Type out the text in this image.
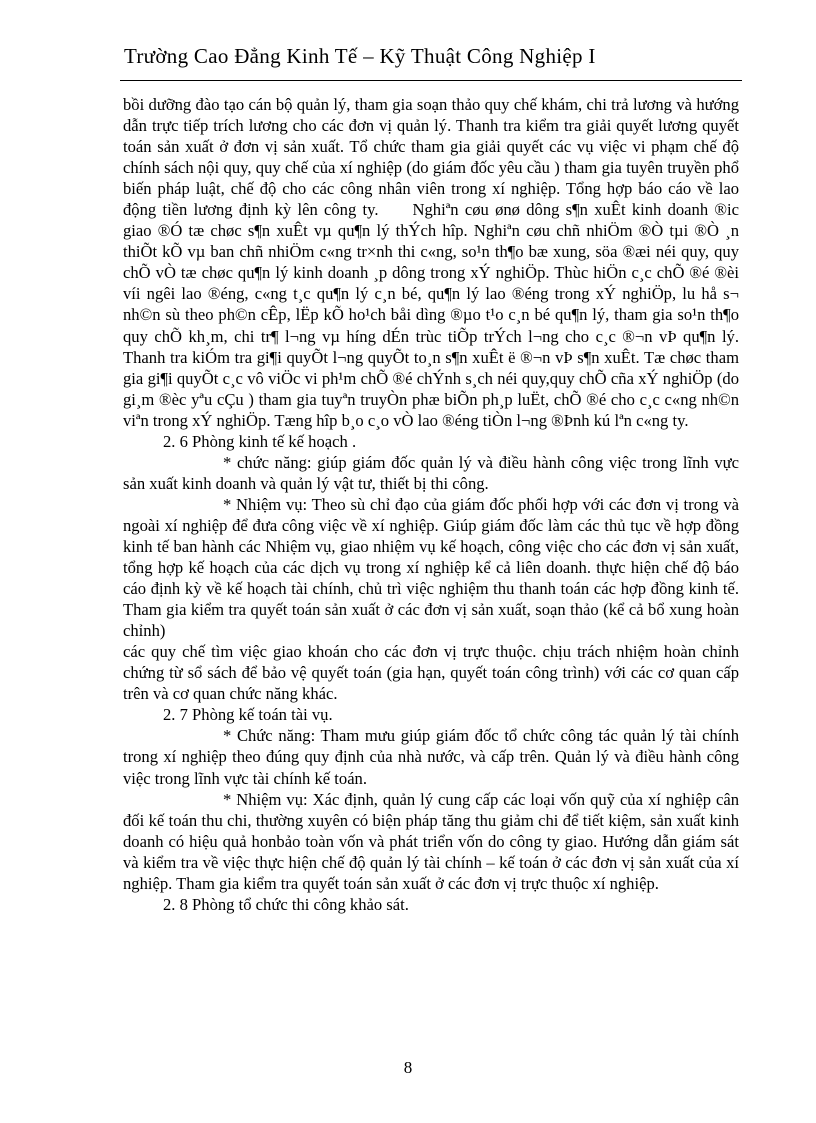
Trường Cao Đẳng Kinh Tế – Kỹ Thuật Công Nghiệp I

bồi dưỡng đào tạo cán bộ quản lý, tham gia soạn thảo quy chế khám, chi trả lương và hướng dẫn trực tiếp trích lương cho các đơn vị quản lý. Thanh tra kiểm tra giải quyết lương quyết toán sản xuất ở đơn vị sản xuất. Tổ chức tham gia giải quyết các vụ việc vi phạm chế độ chính sách nội quy, quy chế của xí nghiệp (do giám đốc yêu cầu ) tham gia tuyên truyền phổ biến pháp luật, chế độ cho các công nhân viên trong xí nghiệp. Tổng hợp báo cáo về lao động tiền lương định kỳ lên công ty. Nghiªn cøu ønø dông s¶n xuÊt kinh doanh ®ic giao ®Ó tæ chøc s¶n xuÊt vµ qu¶n lý thÝch hîp. Nghiªn cøu chñ nhiÖm ®Ò tµi ®Ò ¸n thiÕt kÕ vµ ban chñ nhiÖm c«ng tr×nh thi c«ng, so¹n th¶o bæ xung, söa ®æi néi quy, quy chÕ vÒ tæ chøc qu¶n lý kinh doanh ¸p dông trong xÝ nghiÖp. Thùc hiÖn c¸c chÕ ®é ®èi víi ngêi lao ®éng, c«ng t¸c qu¶n lý c¸n bé, qu¶n lý lao ®éng trong xÝ nghiÖp, lu hå s¬ nh©n sù theo ph©n cÊp, lËp kÕ ho¹ch båi dìng ®µo t¹o c¸n bé qu¶n lý, tham gia so¹n th¶o quy chÕ kh¸m, chi tr¶ l¬ng vµ híng dÉn trùc tiÕp trÝch l¬ng cho c¸c ®¬n vÞ qu¶n lý. Thanh tra kiÓm tra gi¶i quyÕt l¬ng quyÕt to¸n s¶n xuÊt ë ®¬n vÞ s¶n xuÊt. Tæ chøc tham gia gi¶i quyÕt c¸c vô viÖc vi ph¹m chÕ ®é chÝnh s¸ch néi quy,quy chÕ cña xÝ nghiÖp (do gi¸m ®èc yªu cÇu ) tham gia tuyªn truyÒn phæ biÕn ph¸p luËt, chÕ ®é cho c¸c c«ng nh©n viªn trong xÝ nghiÖp. Tæng hîp b¸o c¸o vÒ lao ®éng tiÒn l¬ng ®Þnh kú lªn c«ng ty.

2. 6 Phòng kinh tế kế hoạch .

* chức năng: giúp giám đốc quản lý và điều hành công việc trong lĩnh vực sản xuất kinh doanh và quản lý vật tư, thiết bị thi công.

* Nhiệm vụ: Theo sù chỉ đạo của giám đốc phối hợp với các đơn vị trong và ngoài xí nghiệp để đưa công việc về xí nghiệp. Giúp giám đốc làm các thủ tục về hợp đồng kinh tế ban hành các Nhiệm vụ, giao nhiệm vụ kế hoạch, công việc cho các đơn vị sản xuất, tổng hợp kế hoạch của các dịch vụ trong xí nghiệp kể cả liên doanh. thực hiện chế độ báo cáo định kỳ về kế hoạch tài chính, chủ trì việc nghiệm thu thanh toán các hợp đồng kinh tế. Tham gia kiểm tra quyết toán sản xuất ở các đơn vị sản xuất, soạn thảo (kể cả bổ xung hoàn chỉnh)

các quy chế tìm việc giao khoán cho các đơn vị trực thuộc. chịu trách nhiệm hoàn chỉnh chứng từ sổ sách để bảo vệ quyết toán (gia hạn, quyết toán công trình) với các cơ quan cấp trên và cơ quan chức năng khác.

2. 7 Phòng kế toán tài vụ.

* Chức năng: Tham mưu giúp giám đốc tổ chức công tác quản lý tài chính trong xí nghiệp theo đúng quy định của nhà nước, và cấp trên. Quản lý và điều hành công việc trong lĩnh vực tài chính kế toán.

* Nhiệm vụ: Xác định, quản lý cung cấp các loại vốn quỹ của xí nghiệp cân đối kế toán thu chi, thường xuyên có biện pháp tăng thu giảm chi để tiết kiệm, sản xuất kinh doanh có hiệu quả honbảo toàn vốn và phát triển vốn do công ty giao. Hướng dẫn giám sát và kiểm tra về việc thực hiện chế độ quản lý tài chính – kế toán ở các đơn vị sản xuất của xí nghiệp. Tham gia kiểm tra quyết toán sản xuất ở các đơn vị trực thuộc xí nghiệp.

2. 8 Phòng tổ chức thi công khảo sát.

8
